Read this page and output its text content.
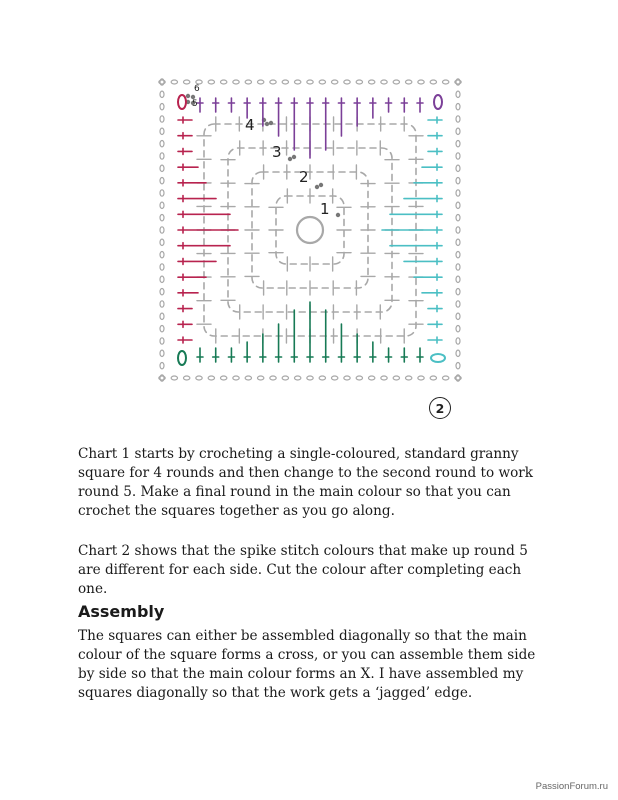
1
2
3
4
5
6
2

Chart 1 starts by crocheting a single-coloured, standard granny square for 4 rounds and then change to the second round to work round 5. Make a final round in the main colour so that you can crochet the squares together as you go along.

Chart 2 shows that the spike stitch colours that make up round 5 are different for each side. Cut the colour after completing each one.

Assembly

The squares can either be assembled diagonally so that the main colour of the square forms a cross, or you can assemble them side by side so that the main colour forms an X. I have assembled my squares diagonally so that the work gets a ‘jagged’ edge.

PassionForum.ru
